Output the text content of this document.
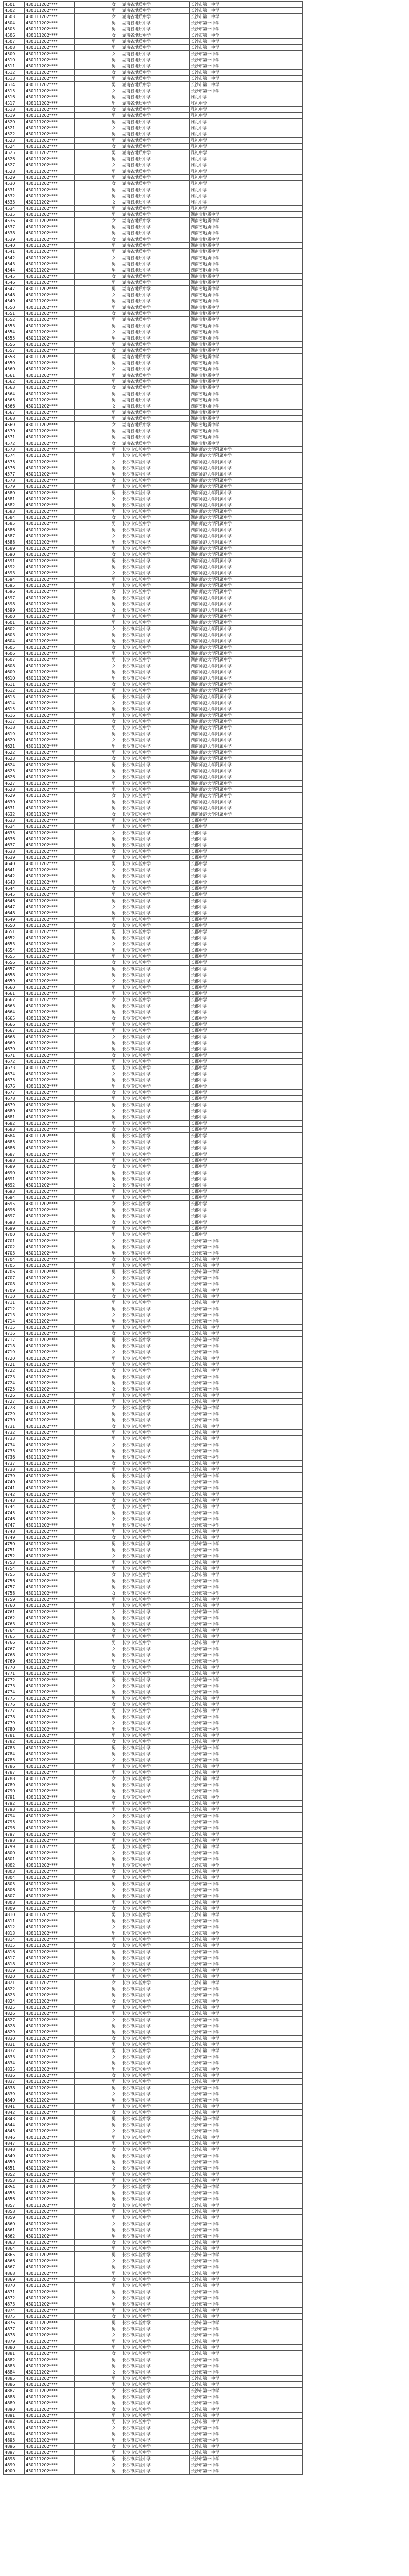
4501	430111202****		女	湖南省地质中学	长沙市第一中学	
4502	430111202****		男	湖南省地质中学	长沙市第一中学	
4503	430111202****		女	湖南省地质中学	长沙市第一中学	
4504	430111202****		男	湖南省地质中学	长沙市第一中学	
4505	430111202****		男	湖南省地质中学	长沙市第一中学	
4506	430111202****		女	湖南省地质中学	长沙市第一中学	
4507	430111202****		男	湖南省地质中学	长沙市第一中学	
4508	430111202****		男	湖南省地质中学	长沙市第一中学	
4509	430111202****		女	湖南省地质中学	长沙市第一中学	
4510	430111202****		男	湖南省地质中学	长沙市第一中学	
4511	430111202****		男	湖南省地质中学	长沙市第一中学	
4512	430111202****		女	湖南省地质中学	长沙市第一中学	
4513	430111202****		男	湖南省地质中学	长沙市第一中学	
4514	430111202****		男	湖南省地质中学	长沙市第一中学	
4515	430111202****		女	湖南省地质中学	长沙市第一中学	
4516	430111202****		男	湖南省地质中学	雅礼中学	
4517	430111202****		男	湖南省地质中学	雅礼中学	
4518	430111202****		女	湖南省地质中学	雅礼中学	
4519	430111202****		男	湖南省地质中学	雅礼中学	
4520	430111202****		男	湖南省地质中学	雅礼中学	
4521	430111202****		女	湖南省地质中学	雅礼中学	
4522	430111202****		男	湖南省地质中学	雅礼中学	
4523	430111202****		男	湖南省地质中学	雅礼中学	
4524	430111202****		女	湖南省地质中学	雅礼中学	
4525	430111202****		男	湖南省地质中学	雅礼中学	
4526	430111202****		男	湖南省地质中学	雅礼中学	
4527	430111202****		女	湖南省地质中学	雅礼中学	
4528	430111202****		男	湖南省地质中学	雅礼中学	
4529	430111202****		男	湖南省地质中学	雅礼中学	
4530	430111202****		女	湖南省地质中学	雅礼中学	
4531	430111202****		男	湖南省地质中学	雅礼中学	
4532	430111202****		男	湖南省地质中学	雅礼中学	
4533	430111202****		女	湖南省地质中学	雅礼中学	
4534	430111202****		男	湖南省地质中学	雅礼中学	
4535	430111202****		男	湖南省地质中学	湖南省地质中学	
4536	430111202****		女	湖南省地质中学	湖南省地质中学	
4537	430111202****		男	湖南省地质中学	湖南省地质中学	
4538	430111202****		男	湖南省地质中学	湖南省地质中学	
4539	430111202****		女	湖南省地质中学	湖南省地质中学	
4540	430111202****		男	湖南省地质中学	湖南省地质中学	
4541	430111202****		男	湖南省地质中学	湖南省地质中学	
4542	430111202****		女	湖南省地质中学	湖南省地质中学	
4543	430111202****		男	湖南省地质中学	湖南省地质中学	
4544	430111202****		男	湖南省地质中学	湖南省地质中学	
4545	430111202****		女	湖南省地质中学	湖南省地质中学	
4546	430111202****		男	湖南省地质中学	湖南省地质中学	
4547	430111202****		男	湖南省地质中学	湖南省地质中学	
4548	430111202****		女	湖南省地质中学	湖南省地质中学	
4549	430111202****		男	湖南省地质中学	湖南省地质中学	
4550	430111202****		男	湖南省地质中学	湖南省地质中学	
4551	430111202****		女	湖南省地质中学	湖南省地质中学	
4552	430111202****		男	湖南省地质中学	湖南省地质中学	
4553	430111202****		男	湖南省地质中学	湖南省地质中学	
4554	430111202****		女	湖南省地质中学	湖南省地质中学	
4555	430111202****		男	湖南省地质中学	湖南省地质中学	
4556	430111202****		男	湖南省地质中学	湖南省地质中学	
4557	430111202****		女	湖南省地质中学	湖南省地质中学	
4558	430111202****		男	湖南省地质中学	湖南省地质中学	
4559	430111202****		男	湖南省地质中学	湖南省地质中学	
4560	430111202****		女	湖南省地质中学	湖南省地质中学	
4561	430111202****		男	湖南省地质中学	湖南省地质中学	
4562	430111202****		男	湖南省地质中学	湖南省地质中学	
4563	430111202****		女	湖南省地质中学	湖南省地质中学	
4564	430111202****		男	湖南省地质中学	湖南省地质中学	
4565	430111202****		男	湖南省地质中学	湖南省地质中学	
4566	430111202****		女	湖南省地质中学	湖南省地质中学	
4567	430111202****		男	湖南省地质中学	湖南省地质中学	
4568	430111202****		男	湖南省地质中学	湖南省地质中学	
4569	430111202****		女	湖南省地质中学	湖南省地质中学	
4570	430111202****		男	湖南省地质中学	湖南省地质中学	
4571	430111202****		男	湖南省地质中学	湖南省地质中学	
4572	430111202****		女	湖南省地质中学	湖南省地质中学	
4573	430111202****		男	长沙市实验中学	湖南师范大学附属中学	
4574	430111202****		男	长沙市实验中学	湖南师范大学附属中学	
4575	430111202****		女	长沙市实验中学	湖南师范大学附属中学	
4576	430111202****		男	长沙市实验中学	湖南师范大学附属中学	
4577	430111202****		男	长沙市实验中学	湖南师范大学附属中学	
4578	430111202****		女	长沙市实验中学	湖南师范大学附属中学	
4579	430111202****		男	长沙市实验中学	湖南师范大学附属中学	
4580	430111202****		男	长沙市实验中学	湖南师范大学附属中学	
4581	430111202****		女	长沙市实验中学	湖南师范大学附属中学	
4582	430111202****		男	长沙市实验中学	湖南师范大学附属中学	
4583	430111202****		男	长沙市实验中学	湖南师范大学附属中学	
4584	430111202****		女	长沙市实验中学	湖南师范大学附属中学	
4585	430111202****		男	长沙市实验中学	湖南师范大学附属中学	
4586	430111202****		男	长沙市实验中学	湖南师范大学附属中学	
4587	430111202****		女	长沙市实验中学	湖南师范大学附属中学	
4588	430111202****		男	长沙市实验中学	湖南师范大学附属中学	
4589	430111202****		男	长沙市实验中学	湖南师范大学附属中学	
4590	430111202****		女	长沙市实验中学	湖南师范大学附属中学	
4591	430111202****		男	长沙市实验中学	湖南师范大学附属中学	
4592	430111202****		男	长沙市实验中学	湖南师范大学附属中学	
4593	430111202****		女	长沙市实验中学	湖南师范大学附属中学	
4594	430111202****		男	长沙市实验中学	湖南师范大学附属中学	
4595	430111202****		男	长沙市实验中学	湖南师范大学附属中学	
4596	430111202****		女	长沙市实验中学	湖南师范大学附属中学	
4597	430111202****		男	长沙市实验中学	湖南师范大学附属中学	
4598	430111202****		男	长沙市实验中学	湖南师范大学附属中学	
4599	430111202****		女	长沙市实验中学	湖南师范大学附属中学	
4600	430111202****		男	长沙市实验中学	湖南师范大学附属中学	
4601	430111202****		男	长沙市实验中学	湖南师范大学附属中学	
4602	430111202****		女	长沙市实验中学	湖南师范大学附属中学	
4603	430111202****		男	长沙市实验中学	湖南师范大学附属中学	
4604	430111202****		男	长沙市实验中学	湖南师范大学附属中学	
4605	430111202****		女	长沙市实验中学	湖南师范大学附属中学	
4606	430111202****		男	长沙市实验中学	湖南师范大学附属中学	
4607	430111202****		男	长沙市实验中学	湖南师范大学附属中学	
4608	430111202****		女	长沙市实验中学	湖南师范大学附属中学	
4609	430111202****		男	长沙市实验中学	湖南师范大学附属中学	
4610	430111202****		男	长沙市实验中学	湖南师范大学附属中学	
4611	430111202****		女	长沙市实验中学	湖南师范大学附属中学	
4612	430111202****		男	长沙市实验中学	湖南师范大学附属中学	
4613	430111202****		男	长沙市实验中学	湖南师范大学附属中学	
4614	430111202****		女	长沙市实验中学	湖南师范大学附属中学	
4615	430111202****		男	长沙市实验中学	湖南师范大学附属中学	
4616	430111202****		男	长沙市实验中学	湖南师范大学附属中学	
4617	430111202****		女	长沙市实验中学	湖南师范大学附属中学	
4618	430111202****		男	长沙市实验中学	湖南师范大学附属中学	
4619	430111202****		男	长沙市实验中学	湖南师范大学附属中学	
4620	430111202****		女	长沙市实验中学	湖南师范大学附属中学	
4621	430111202****		男	长沙市实验中学	湖南师范大学附属中学	
4622	430111202****		男	长沙市实验中学	湖南师范大学附属中学	
4623	430111202****		女	长沙市实验中学	湖南师范大学附属中学	
4624	430111202****		男	长沙市实验中学	湖南师范大学附属中学	
4625	430111202****		男	长沙市实验中学	湖南师范大学附属中学	
4626	430111202****		女	长沙市实验中学	湖南师范大学附属中学	
4627	430111202****		男	长沙市实验中学	湖南师范大学附属中学	
4628	430111202****		男	长沙市实验中学	湖南师范大学附属中学	
4629	430111202****		女	长沙市实验中学	湖南师范大学附属中学	
4630	430111202****		男	长沙市实验中学	湖南师范大学附属中学	
4631	430111202****		男	长沙市实验中学	湖南师范大学附属中学	
4632	430111202****		女	长沙市实验中学	湖南师范大学附属中学	
4633	430111202****		男	长沙市实验中学	长郡中学	
4634	430111202****		男	长沙市实验中学	长郡中学	
4635	430111202****		女	长沙市实验中学	长郡中学	
4636	430111202****		男	长沙市实验中学	长郡中学	
4637	430111202****		男	长沙市实验中学	长郡中学	
4638	430111202****		女	长沙市实验中学	长郡中学	
4639	430111202****		男	长沙市实验中学	长郡中学	
4640	430111202****		男	长沙市实验中学	长郡中学	
4641	430111202****		女	长沙市实验中学	长郡中学	
4642	430111202****		男	长沙市实验中学	长郡中学	
4643	430111202****		男	长沙市实验中学	长郡中学	
4644	430111202****		女	长沙市实验中学	长郡中学	
4645	430111202****		男	长沙市实验中学	长郡中学	
4646	430111202****		男	长沙市实验中学	长郡中学	
4647	430111202****		女	长沙市实验中学	长郡中学	
4648	430111202****		男	长沙市实验中学	长郡中学	
4649	430111202****		男	长沙市实验中学	长郡中学	
4650	430111202****		女	长沙市实验中学	长郡中学	
4651	430111202****		男	长沙市实验中学	长郡中学	
4652	430111202****		男	长沙市实验中学	长郡中学	
4653	430111202****		女	长沙市实验中学	长郡中学	
4654	430111202****		男	长沙市实验中学	长郡中学	
4655	430111202****		男	长沙市实验中学	长郡中学	
4656	430111202****		女	长沙市实验中学	长郡中学	
4657	430111202****		男	长沙市实验中学	长郡中学	
4658	430111202****		男	长沙市实验中学	长郡中学	
4659	430111202****		女	长沙市实验中学	长郡中学	
4660	430111202****		男	长沙市实验中学	长郡中学	
4661	430111202****		男	长沙市实验中学	长郡中学	
4662	430111202****		女	长沙市实验中学	长郡中学	
4663	430111202****		男	长沙市实验中学	长郡中学	
4664	430111202****		男	长沙市实验中学	长郡中学	
4665	430111202****		女	长沙市实验中学	长郡中学	
4666	430111202****		男	长沙市实验中学	长郡中学	
4667	430111202****		男	长沙市实验中学	长郡中学	
4668	430111202****		女	长沙市实验中学	长郡中学	
4669	430111202****		男	长沙市实验中学	长郡中学	
4670	430111202****		男	长沙市实验中学	长郡中学	
4671	430111202****		女	长沙市实验中学	长郡中学	
4672	430111202****		男	长沙市实验中学	长郡中学	
4673	430111202****		男	长沙市实验中学	长郡中学	
4674	430111202****		女	长沙市实验中学	长郡中学	
4675	430111202****		男	长沙市实验中学	长郡中学	
4676	430111202****		男	长沙市实验中学	长郡中学	
4677	430111202****		女	长沙市实验中学	长郡中学	
4678	430111202****		男	长沙市实验中学	长郡中学	
4679	430111202****		男	长沙市实验中学	长郡中学	
4680	430111202****		女	长沙市实验中学	长郡中学	
4681	430111202****		男	长沙市实验中学	长郡中学	
4682	430111202****		男	长沙市实验中学	长郡中学	
4683	430111202****		女	长沙市实验中学	长郡中学	
4684	430111202****		男	长沙市实验中学	长郡中学	
4685	430111202****		男	长沙市实验中学	长郡中学	
4686	430111202****		女	长沙市实验中学	长郡中学	
4687	430111202****		男	长沙市实验中学	长郡中学	
4688	430111202****		男	长沙市实验中学	长郡中学	
4689	430111202****		女	长沙市实验中学	长郡中学	
4690	430111202****		男	长沙市实验中学	长郡中学	
4691	430111202****		男	长沙市实验中学	长郡中学	
4692	430111202****		女	长沙市实验中学	长郡中学	
4693	430111202****		男	长沙市实验中学	长郡中学	
4694	430111202****		男	长沙市实验中学	长郡中学	
4695	430111202****		女	长沙市实验中学	长郡中学	
4696	430111202****		男	长沙市实验中学	长郡中学	
4697	430111202****		男	长沙市实验中学	长郡中学	
4698	430111202****		女	长沙市实验中学	长郡中学	
4699	430111202****		男	长沙市实验中学	长郡中学	
4700	430111202****		男	长沙市实验中学	长郡中学	
4701	430111202****		女	长沙市实验中学	长沙市第一中学	
4702	430111202****		男	长沙市实验中学	长沙市第一中学	
4703	430111202****		男	长沙市实验中学	长沙市第一中学	
4704	430111202****		女	长沙市实验中学	长沙市第一中学	
4705	430111202****		男	长沙市实验中学	长沙市第一中学	
4706	430111202****		男	长沙市实验中学	长沙市第一中学	
4707	430111202****		女	长沙市实验中学	长沙市第一中学	
4708	430111202****		男	长沙市实验中学	长沙市第一中学	
4709	430111202****		男	长沙市实验中学	长沙市第一中学	
4710	430111202****		女	长沙市实验中学	长沙市第一中学	
4711	430111202****		男	长沙市实验中学	长沙市第一中学	
4712	430111202****		男	长沙市实验中学	长沙市第一中学	
4713	430111202****		女	长沙市实验中学	长沙市第一中学	
4714	430111202****		男	长沙市实验中学	长沙市第一中学	
4715	430111202****		男	长沙市实验中学	长沙市第一中学	
4716	430111202****		女	长沙市实验中学	长沙市第一中学	
4717	430111202****		男	长沙市实验中学	长沙市第一中学	
4718	430111202****		男	长沙市实验中学	长沙市第一中学	
4719	430111202****		女	长沙市实验中学	长沙市第一中学	
4720	430111202****		男	长沙市实验中学	长沙市第一中学	
4721	430111202****		男	长沙市实验中学	长沙市第一中学	
4722	430111202****		女	长沙市实验中学	长沙市第一中学	
4723	430111202****		男	长沙市实验中学	长沙市第一中学	
4724	430111202****		男	长沙市实验中学	长沙市第一中学	
4725	430111202****		女	长沙市实验中学	长沙市第一中学	
4726	430111202****		男	长沙市实验中学	长沙市第一中学	
4727	430111202****		男	长沙市实验中学	长沙市第一中学	
4728	430111202****		女	长沙市实验中学	长沙市第一中学	
4729	430111202****		男	长沙市实验中学	长沙市第一中学	
4730	430111202****		男	长沙市实验中学	长沙市第一中学	
4731	430111202****		女	长沙市实验中学	长沙市第一中学	
4732	430111202****		男	长沙市实验中学	长沙市第一中学	
4733	430111202****		男	长沙市实验中学	长沙市第一中学	
4734	430111202****		女	长沙市实验中学	长沙市第一中学	
4735	430111202****		男	长沙市实验中学	长沙市第一中学	
4736	430111202****		男	长沙市实验中学	长沙市第一中学	
4737	430111202****		女	长沙市实验中学	长沙市第一中学	
4738	430111202****		男	长沙市实验中学	长沙市第一中学	
4739	430111202****		男	长沙市实验中学	长沙市第一中学	
4740	430111202****		女	长沙市实验中学	长沙市第一中学	
4741	430111202****		男	长沙市实验中学	长沙市第一中学	
4742	430111202****		男	长沙市实验中学	长沙市第一中学	
4743	430111202****		女	长沙市实验中学	长沙市第一中学	
4744	430111202****		男	长沙市实验中学	长沙市第一中学	
4745	430111202****		男	长沙市实验中学	长沙市第一中学	
4746	430111202****		女	长沙市实验中学	长沙市第一中学	
4747	430111202****		男	长沙市实验中学	长沙市第一中学	
4748	430111202****		男	长沙市实验中学	长沙市第一中学	
4749	430111202****		女	长沙市实验中学	长沙市第一中学	
4750	430111202****		男	长沙市实验中学	长沙市第一中学	
4751	430111202****		男	长沙市实验中学	长沙市第一中学	
4752	430111202****		女	长沙市实验中学	长沙市第一中学	
4753	430111202****		男	长沙市实验中学	长沙市第一中学	
4754	430111202****		男	长沙市实验中学	长沙市第一中学	
4755	430111202****		女	长沙市实验中学	长沙市第一中学	
4756	430111202****		男	长沙市实验中学	长沙市第一中学	
4757	430111202****		男	长沙市实验中学	长沙市第一中学	
4758	430111202****		女	长沙市实验中学	长沙市第一中学	
4759	430111202****		男	长沙市实验中学	长沙市第一中学	
4760	430111202****		男	长沙市实验中学	长沙市第一中学	
4761	430111202****		女	长沙市实验中学	长沙市第一中学	
4762	430111202****		男	长沙市实验中学	长沙市第一中学	
4763	430111202****		男	长沙市实验中学	长沙市第一中学	
4764	430111202****		女	长沙市实验中学	长沙市第一中学	
4765	430111202****		男	长沙市实验中学	长沙市第一中学	
4766	430111202****		男	长沙市实验中学	长沙市第一中学	
4767	430111202****		女	长沙市实验中学	长沙市第一中学	
4768	430111202****		男	长沙市实验中学	长沙市第一中学	
4769	430111202****		男	长沙市实验中学	长沙市第一中学	
4770	430111202****		女	长沙市实验中学	长沙市第一中学	
4771	430111202****		男	长沙市实验中学	长沙市第一中学	
4772	430111202****		男	长沙市实验中学	长沙市第一中学	
4773	430111202****		女	长沙市实验中学	长沙市第一中学	
4774	430111202****		男	长沙市实验中学	长沙市第一中学	
4775	430111202****		男	长沙市实验中学	长沙市第一中学	
4776	430111202****		女	长沙市实验中学	长沙市第一中学	
4777	430111202****		男	长沙市实验中学	长沙市第一中学	
4778	430111202****		男	长沙市实验中学	长沙市第一中学	
4779	430111202****		女	长沙市实验中学	长沙市第一中学	
4780	430111202****		男	长沙市实验中学	长沙市第一中学	
4781	430111202****		男	长沙市实验中学	长沙市第一中学	
4782	430111202****		女	长沙市实验中学	长沙市第一中学	
4783	430111202****		男	长沙市实验中学	长沙市第一中学	
4784	430111202****		男	长沙市实验中学	长沙市第一中学	
4785	430111202****		女	长沙市实验中学	长沙市第一中学	
4786	430111202****		男	长沙市实验中学	长沙市第一中学	
4787	430111202****		男	长沙市实验中学	长沙市第一中学	
4788	430111202****		女	长沙市实验中学	长沙市第一中学	
4789	430111202****		男	长沙市实验中学	长沙市第一中学	
4790	430111202****		男	长沙市实验中学	长沙市第一中学	
4791	430111202****		女	长沙市实验中学	长沙市第一中学	
4792	430111202****		男	长沙市实验中学	长沙市第一中学	
4793	430111202****		男	长沙市实验中学	长沙市第一中学	
4794	430111202****		女	长沙市实验中学	长沙市第一中学	
4795	430111202****		男	长沙市实验中学	长沙市第一中学	
4796	430111202****		男	长沙市实验中学	长沙市第一中学	
4797	430111202****		女	长沙市实验中学	长沙市第一中学	
4798	430111202****		男	长沙市实验中学	长沙市第一中学	
4799	430111202****		男	长沙市实验中学	长沙市第一中学	
4800	430111202****		女	长沙市实验中学	长沙市第一中学	
4801	430111202****		男	长沙市实验中学	长沙市第一中学	
4802	430111202****		男	长沙市实验中学	长沙市第一中学	
4803	430111202****		女	长沙市实验中学	长沙市第一中学	
4804	430111202****		男	长沙市实验中学	长沙市第一中学	
4805	430111202****		男	长沙市实验中学	长沙市第一中学	
4806	430111202****		女	长沙市实验中学	长沙市第一中学	
4807	430111202****		男	长沙市实验中学	长沙市第一中学	
4808	430111202****		男	长沙市实验中学	长沙市第一中学	
4809	430111202****		女	长沙市实验中学	长沙市第一中学	
4810	430111202****		男	长沙市实验中学	长沙市第一中学	
4811	430111202****		男	长沙市实验中学	长沙市第一中学	
4812	430111202****		女	长沙市实验中学	长沙市第一中学	
4813	430111202****		男	长沙市实验中学	长沙市第一中学	
4814	430111202****		男	长沙市实验中学	长沙市第一中学	
4815	430111202****		女	长沙市实验中学	长沙市第一中学	
4816	430111202****		男	长沙市实验中学	长沙市第一中学	
4817	430111202****		男	长沙市实验中学	长沙市第一中学	
4818	430111202****		女	长沙市实验中学	长沙市第一中学	
4819	430111202****		男	长沙市实验中学	长沙市第一中学	
4820	430111202****		男	长沙市实验中学	长沙市第一中学	
4821	430111202****		女	长沙市实验中学	长沙市第一中学	
4822	430111202****		男	长沙市实验中学	长沙市第一中学	
4823	430111202****		男	长沙市实验中学	长沙市第一中学	
4824	430111202****		女	长沙市实验中学	长沙市第一中学	
4825	430111202****		男	长沙市实验中学	长沙市第一中学	
4826	430111202****		男	长沙市实验中学	长沙市第一中学	
4827	430111202****		女	长沙市实验中学	长沙市第一中学	
4828	430111202****		男	长沙市实验中学	长沙市第一中学	
4829	430111202****		男	长沙市实验中学	长沙市第一中学	
4830	430111202****		女	长沙市实验中学	长沙市第一中学	
4831	430111202****		男	长沙市实验中学	长沙市第一中学	
4832	430111202****		男	长沙市实验中学	长沙市第一中学	
4833	430111202****		女	长沙市实验中学	长沙市第一中学	
4834	430111202****		男	长沙市实验中学	长沙市第一中学	
4835	430111202****		男	长沙市实验中学	长沙市第一中学	
4836	430111202****		女	长沙市实验中学	长沙市第一中学	
4837	430111202****		男	长沙市实验中学	长沙市第一中学	
4838	430111202****		男	长沙市实验中学	长沙市第一中学	
4839	430111202****		女	长沙市实验中学	长沙市第一中学	
4840	430111202****		男	长沙市实验中学	长沙市第一中学	
4841	430111202****		男	长沙市实验中学	长沙市第一中学	
4842	430111202****		女	长沙市实验中学	长沙市第一中学	
4843	430111202****		男	长沙市实验中学	长沙市第一中学	
4844	430111202****		男	长沙市实验中学	长沙市第一中学	
4845	430111202****		女	长沙市实验中学	长沙市第一中学	
4846	430111202****		男	长沙市实验中学	长沙市第一中学	
4847	430111202****		男	长沙市实验中学	长沙市第一中学	
4848	430111202****		女	长沙市实验中学	长沙市第一中学	
4849	430111202****		男	长沙市实验中学	长沙市第一中学	
4850	430111202****		男	长沙市实验中学	长沙市第一中学	
4851	430111202****		女	长沙市实验中学	长沙市第一中学	
4852	430111202****		男	长沙市实验中学	长沙市第一中学	
4853	430111202****		男	长沙市实验中学	长沙市第一中学	
4854	430111202****		女	长沙市实验中学	长沙市第一中学	
4855	430111202****		男	长沙市实验中学	长沙市第一中学	
4856	430111202****		男	长沙市实验中学	长沙市第一中学	
4857	430111202****		女	长沙市实验中学	长沙市第一中学	
4858	430111202****		男	长沙市实验中学	长沙市第一中学	
4859	430111202****		男	长沙市实验中学	长沙市第一中学	
4860	430111202****		女	长沙市实验中学	长沙市第一中学	
4861	430111202****		男	长沙市实验中学	长沙市第一中学	
4862	430111202****		男	长沙市实验中学	长沙市第一中学	
4863	430111202****		女	长沙市实验中学	长沙市第一中学	
4864	430111202****		男	长沙市实验中学	长沙市第一中学	
4865	430111202****		男	长沙市实验中学	长沙市第一中学	
4866	430111202****		女	长沙市实验中学	长沙市第一中学	
4867	430111202****		男	长沙市实验中学	长沙市第一中学	
4868	430111202****		男	长沙市实验中学	长沙市第一中学	
4869	430111202****		女	长沙市实验中学	长沙市第一中学	
4870	430111202****		男	长沙市实验中学	长沙市第一中学	
4871	430111202****		男	长沙市实验中学	长沙市第一中学	
4872	430111202****		女	长沙市实验中学	长沙市第一中学	
4873	430111202****		男	长沙市实验中学	长沙市第一中学	
4874	430111202****		男	长沙市实验中学	长沙市第一中学	
4875	430111202****		女	长沙市实验中学	长沙市第一中学	
4876	430111202****		男	长沙市实验中学	长沙市第一中学	
4877	430111202****		男	长沙市实验中学	长沙市第一中学	
4878	430111202****		女	长沙市实验中学	长沙市第一中学	
4879	430111202****		男	长沙市实验中学	长沙市第一中学	
4880	430111202****		男	长沙市实验中学	长沙市第一中学	
4881	430111202****		女	长沙市实验中学	长沙市第一中学	
4882	430111202****		男	长沙市实验中学	长沙市第一中学	
4883	430111202****		男	长沙市实验中学	长沙市第一中学	
4884	430111202****		女	长沙市实验中学	长沙市第一中学	
4885	430111202****		男	长沙市实验中学	长沙市第一中学	
4886	430111202****		男	长沙市实验中学	长沙市第一中学	
4887	430111202****		女	长沙市实验中学	长沙市第一中学	
4888	430111202****		男	长沙市实验中学	长沙市第一中学	
4889	430111202****		男	长沙市实验中学	长沙市第一中学	
4890	430111202****		女	长沙市实验中学	长沙市第一中学	
4891	430111202****		男	长沙市实验中学	长沙市第一中学	
4892	430111202****		男	长沙市实验中学	长沙市第一中学	
4893	430111202****		女	长沙市实验中学	长沙市第一中学	
4894	430111202****		男	长沙市实验中学	长沙市第一中学	
4895	430111202****		男	长沙市实验中学	长沙市第一中学	
4896	430111202****		女	长沙市实验中学	长沙市第一中学	
4897	430111202****		男	长沙市实验中学	长沙市第一中学	
4898	430111202****		男	长沙市实验中学	长沙市第一中学	
4899	430111202****		女	长沙市实验中学	长沙市第一中学	
4900	430111202****		男	长沙市实验中学	长沙市第一中学	
